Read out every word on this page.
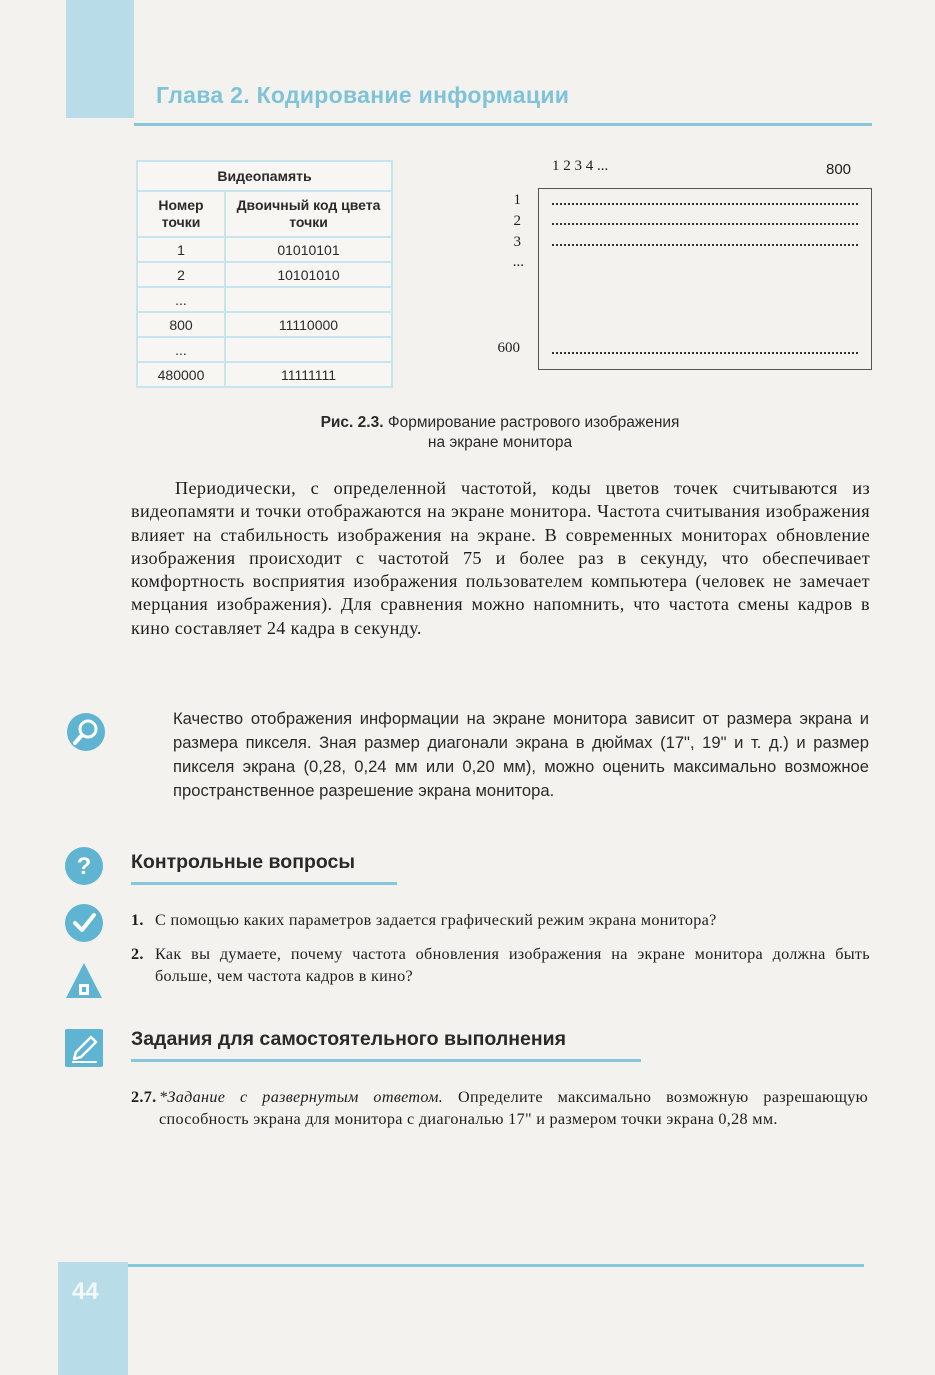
Глава 2. Кодирование информации
Видеопамять	
Номер точки	Двоичный код цвета точки
1	01010101
2	10101010
...	
800	11110000
...	
480000	11111111
1 2 3 4 ...	800
1
2
3
...
600
Рис. 2.3. Формирование растрового изображения
на экране монитора
Периодически, с определенной частотой, коды цветов точек считываются из видеопамяти и точки отображаются на экране монитора. Частота считывания изображения влияет на стабильность изображения на экране. В современных мониторах обновление изображения происходит с частотой 75 и более раз в секунду, что обеспечивает комфортность восприятия изображения пользователем компьютера (человек не замечает мерцания изображения). Для сравнения можно напомнить, что частота смены кадров в кино составляет 24 кадра в секунду.
Качество отображения информации на экране монитора зависит от размера экрана и размера пикселя. Зная размер диагонали экрана в дюймах (17", 19" и т. д.) и размер пикселя экрана (0,28, 0,24 мм или 0,20 мм), можно оценить максимально возможное пространственное разрешение экрана монитора.
? Контрольные вопросы
1. С помощью каких параметров задается графический режим экрана монитора?
2. Как вы думаете, почему частота обновления изображения на экране монитора должна быть больше, чем частота кадров в кино?
Задания для самостоятельного выполнения
2.7. *Задание с развернутым ответом. Определите максимально возможную разрешающую способность экрана для монитора с диагональю 17" и размером точки экрана 0,28 мм.
44
